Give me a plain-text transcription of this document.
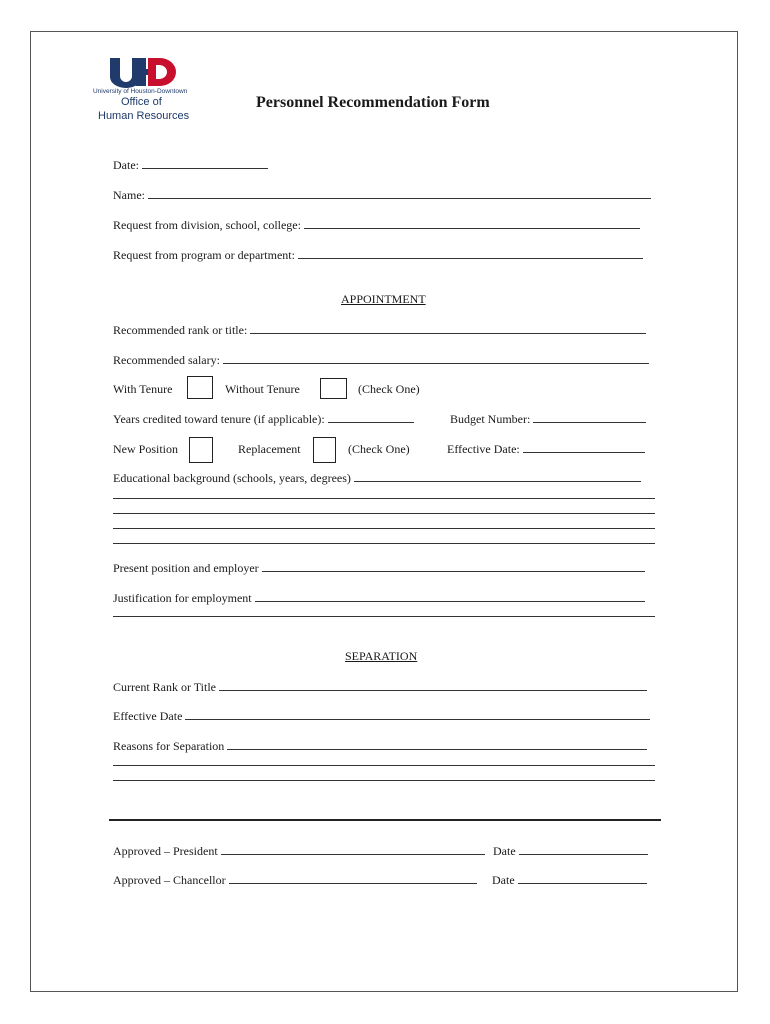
University of Houston-Downtown
Office of
Human Resources
Personnel Recommendation Form
Date:
Name:
Request from division, school, college:
Request from program or department:
APPOINTMENT
Recommended rank or title:
Recommended salary:
With Tenure	Without Tenure	(Check One)
Years credited toward tenure (if applicable):	Budget Number:
New Position	Replacement	(Check One)	Effective Date:
Educational background (schools, years, degrees)
Present position and employer
Justification for employment
SEPARATION
Current Rank or Title
Effective Date
Reasons for Separation
Approved – President	Date
Approved – Chancellor	Date
